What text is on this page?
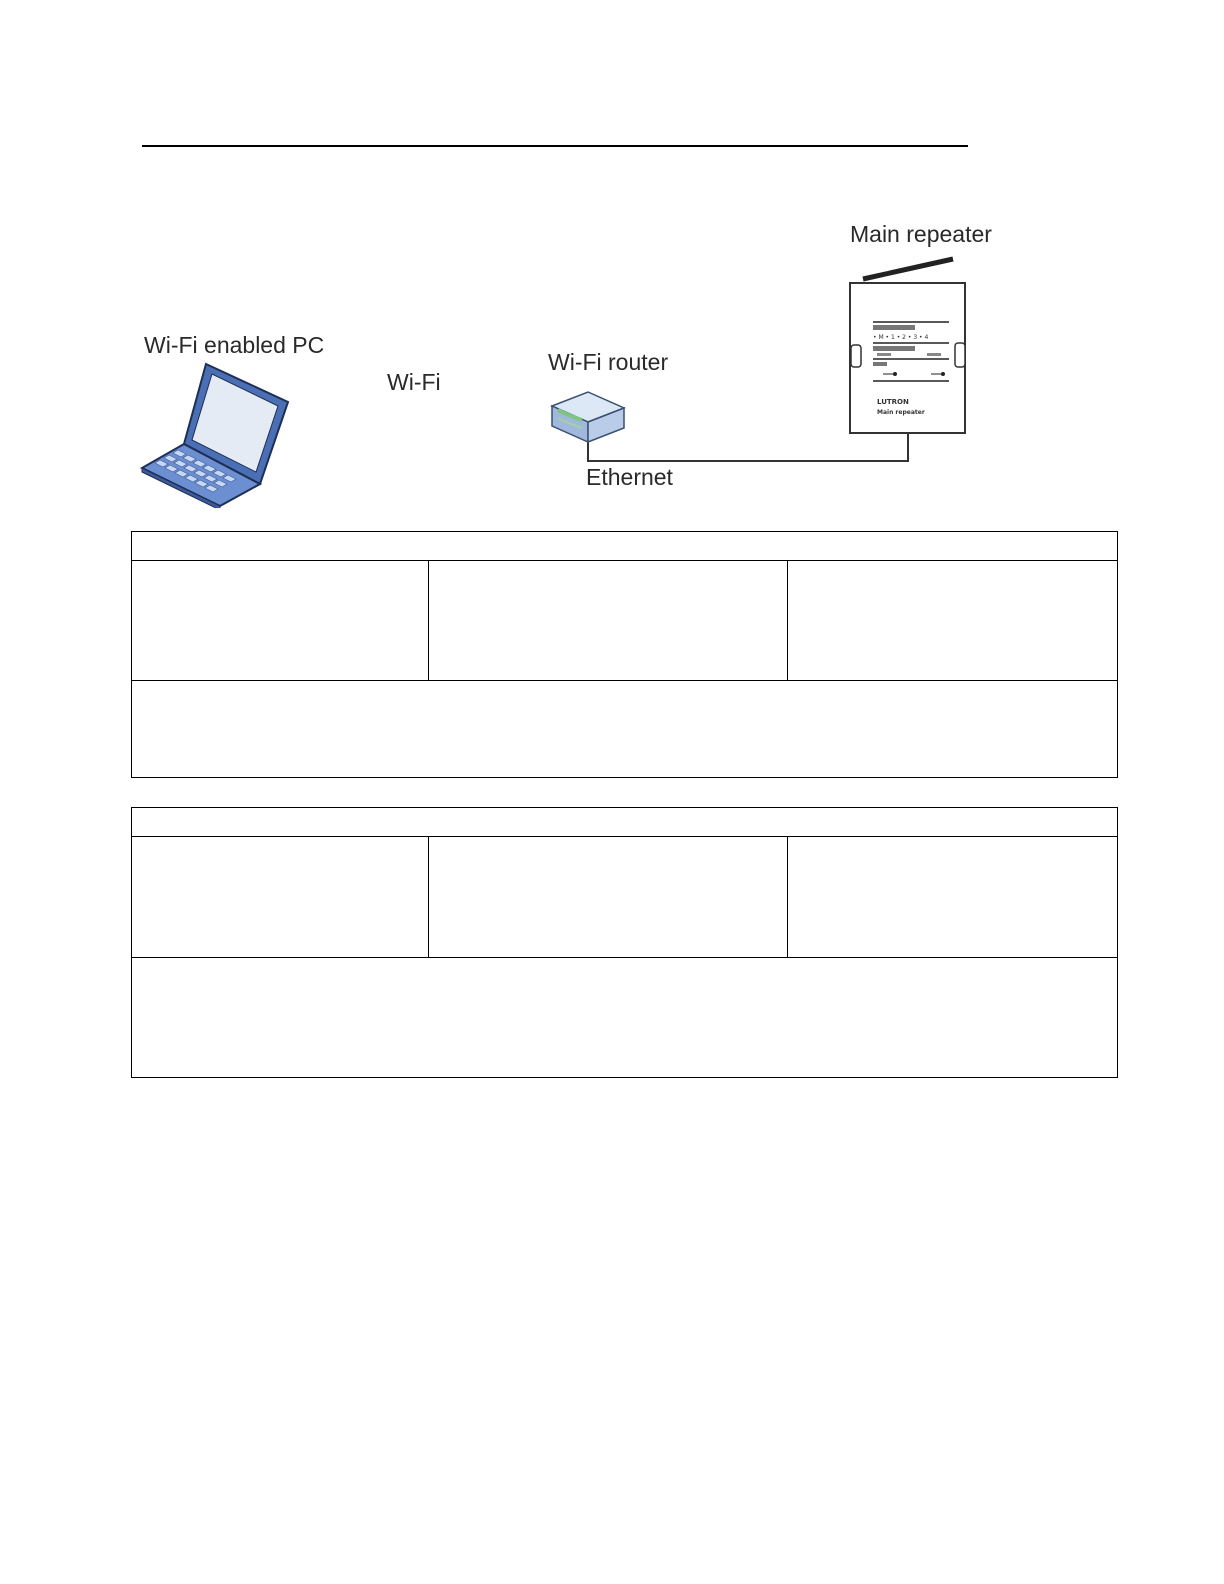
Wi-Fi enabled PC
Wi-Fi
Wi-Fi router
Ethernet
Main repeater
• M • 1 • 2 • 3 • 4
LUTRON
Main repeater
